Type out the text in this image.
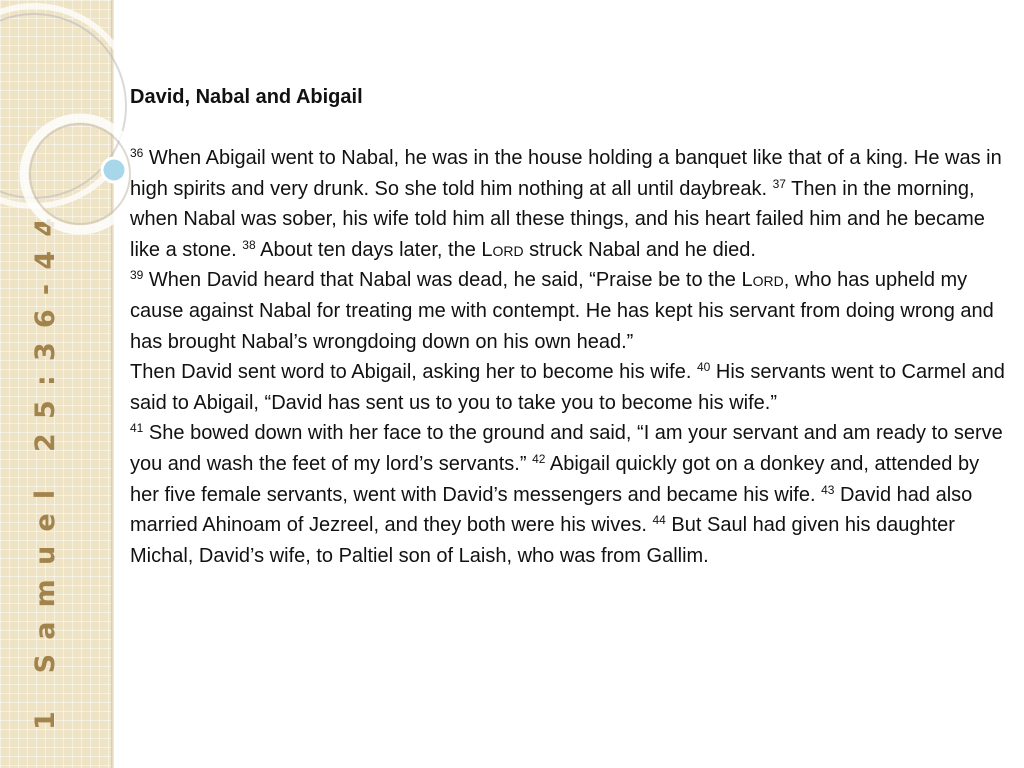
1 Samuel 25:36-44

David, Nabal and Abigail

$^{36}$ When Abigail went to Nabal, he was in the house holding a banquet like that of a king. He was in high spirits and very drunk. So she told him nothing at all until daybreak. $^{37}$ Then in the morning, when Nabal was sober, his wife told him all these things, and his heart failed him and he became like a stone. $^{38}$ About ten days later, the Lord struck Nabal and he died.

$^{39}$ When David heard that Nabal was dead, he said, “Praise be to the Lord, who has upheld my cause against Nabal for treating me with contempt. He has kept his servant from doing wrong and has brought Nabal’s wrongdoing down on his own head.”

Then David sent word to Abigail, asking her to become his wife. $^{40}$ His servants went to Carmel and said to Abigail, “David has sent us to you to take you to become his wife.”

$^{41}$ She bowed down with her face to the ground and said, “I am your servant and am ready to serve you and wash the feet of my lord’s servants.” $^{42}$ Abigail quickly got on a donkey and, attended by her five female servants, went with David’s messengers and became his wife. $^{43}$ David had also married Ahinoam of Jezreel, and they both were his wives. $^{44}$ But Saul had given his daughter Michal, David’s wife, to Paltiel son of Laish, who was from Gallim.
